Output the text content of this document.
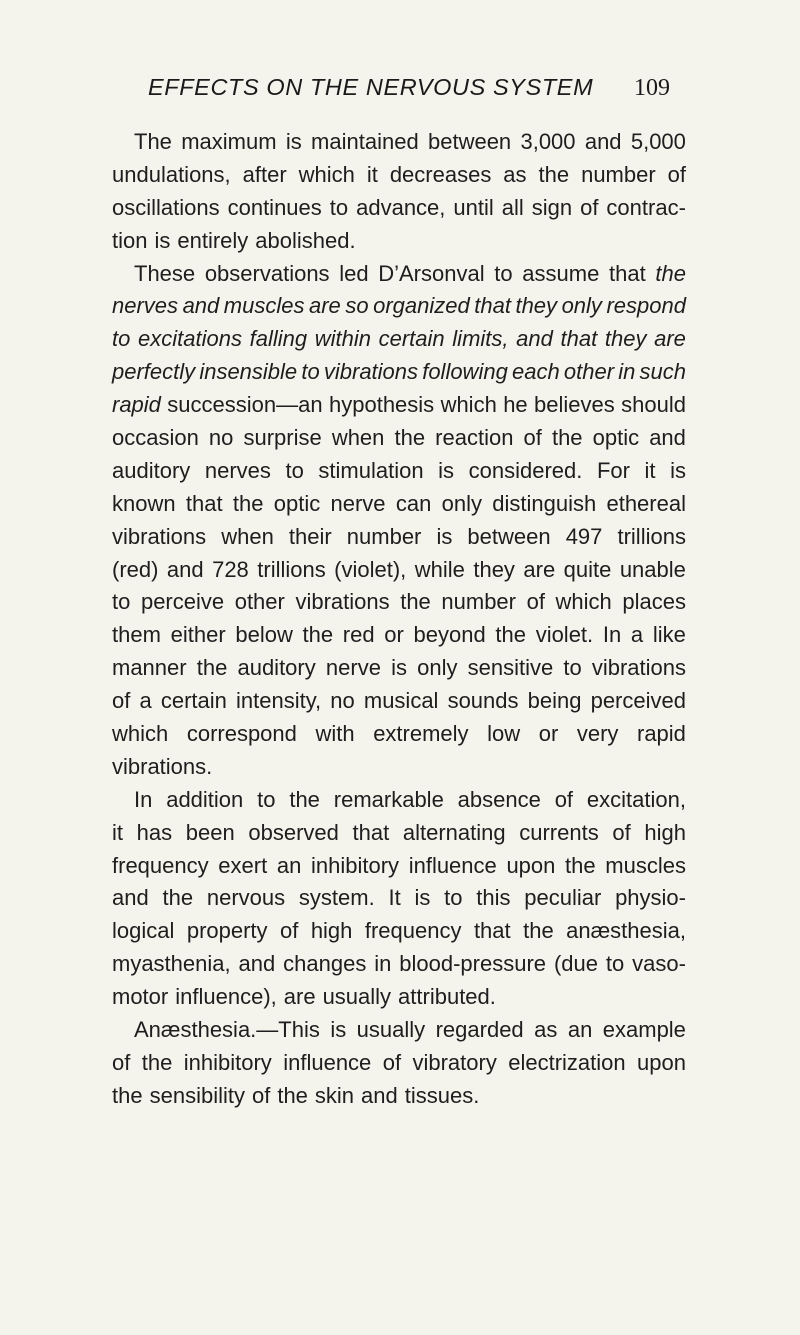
EFFECTS ON THE NERVOUS SYSTEM 109
The maximum is maintained between 3,000 and 5,000
undulations, after which it decreases as the number of
oscillations continues to advance, until all sign of contrac-
tion is entirely abolished.
These observations led D’Arsonval to assume that the
nerves and muscles are so organized that they only respond
to excitations falling within certain limits, and that they are
perfectly insensible to vibrations following each other in such
rapid succession—an hypothesis which he believes should
occasion no surprise when the reaction of the optic and
auditory nerves to stimulation is considered. For it is
known that the optic nerve can only distinguish ethereal
vibrations when their number is between 497 trillions
(red) and 728 trillions (violet), while they are quite unable
to perceive other vibrations the number of which places
them either below the red or beyond the violet. In a like
manner the auditory nerve is only sensitive to vibrations
of a certain intensity, no musical sounds being perceived
which correspond with extremely low or very rapid
vibrations.
In addition to the remarkable absence of excitation,
it has been observed that alternating currents of high
frequency exert an inhibitory influence upon the muscles
and the nervous system. It is to this peculiar physio-
logical property of high frequency that the anæsthesia,
myasthenia, and changes in blood-pressure (due to vaso-
motor influence), are usually attributed.
Anæsthesia.—This is usually regarded as an example
of the inhibitory influence of vibratory electrization upon
the sensibility of the skin and tissues.
